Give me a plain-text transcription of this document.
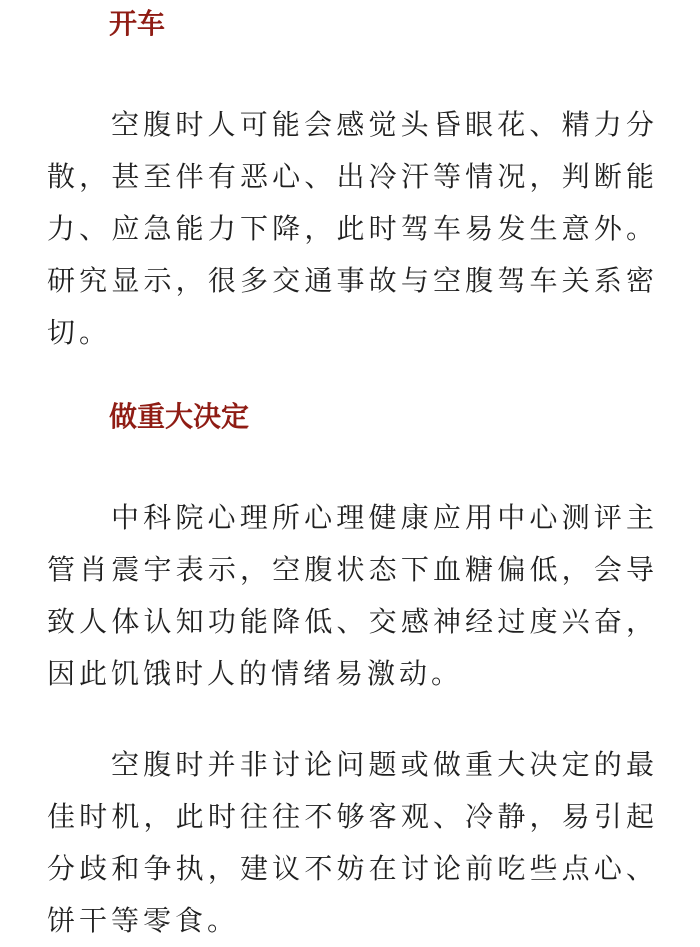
开车

空腹时人可能会感觉头昏眼花、精力分散，甚至伴有恶心、出冷汗等情况，判断能力、应急能力下降，此时驾车易发生意外。研究显示，很多交通事故与空腹驾车关系密切。

做重大决定

中科院心理所心理健康应用中心测评主管肖震宇表示，空腹状态下血糖偏低，会导致人体认知功能降低、交感神经过度兴奋，因此饥饿时人的情绪易激动。

空腹时并非讨论问题或做重大决定的最佳时机，此时往往不够客观、冷静，易引起分歧和争执，建议不妨在讨论前吃些点心、饼干等零食。
